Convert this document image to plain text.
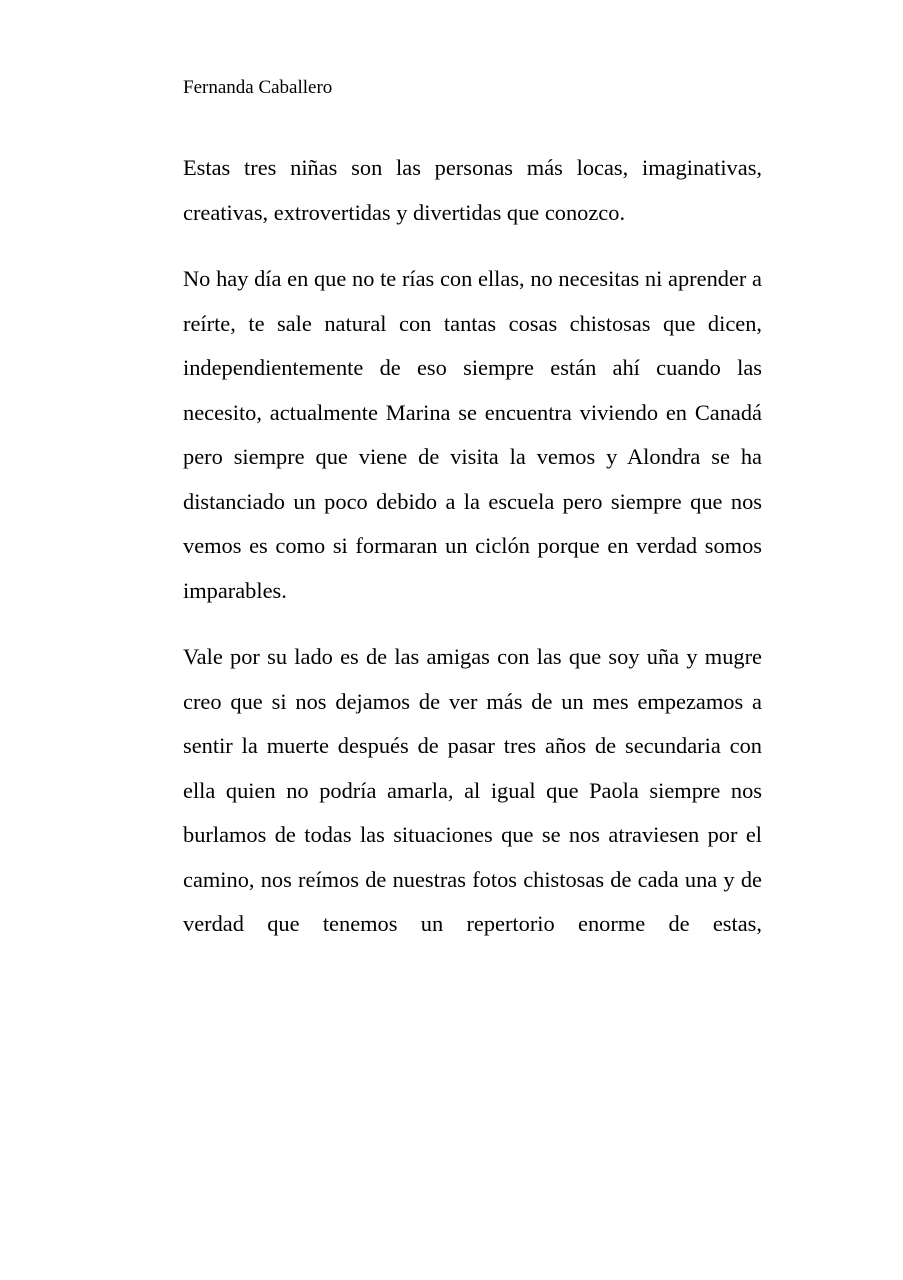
Fernanda Caballero

Estas tres niñas son las personas más locas, imaginativas, creativas, extrovertidas y divertidas que conozco.

No hay día en que no te rías con ellas, no necesitas ni aprender a reírte, te sale natural con tantas cosas chistosas que dicen, independientemente de eso siempre están ahí cuando las necesito, actualmente Marina se encuentra viviendo en Canadá pero siempre que viene de visita la vemos y Alondra se ha distanciado un poco debido a la escuela pero siempre que nos vemos es como si formaran un ciclón porque en verdad somos imparables.

Vale por su lado es de las amigas con las que soy uña y mugre creo que si nos dejamos de ver más de un mes empezamos a sentir la muerte después de pasar tres años de secundaria con ella quien no podría amarla, al igual que Paola siempre nos burlamos de todas las situaciones que se nos atraviesen por el camino, nos reímos de nuestras fotos chistosas de cada una y de verdad que tenemos un repertorio enorme de estas,
